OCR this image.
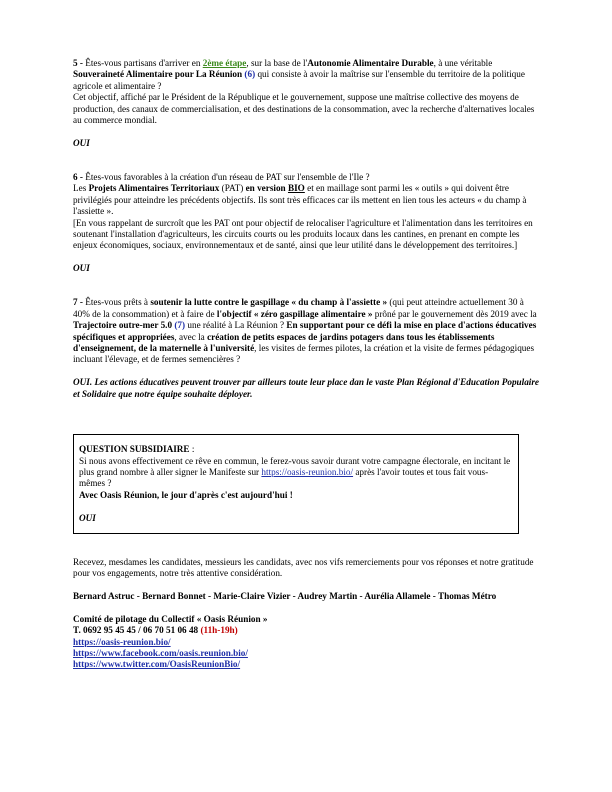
5 - Êtes-vous partisans d'arriver en 2ème étape, sur la base de l'Autonomie Alimentaire Durable, à une véritable Souveraineté Alimentaire pour La Réunion (6) qui consiste à avoir la maîtrise sur l'ensemble du territoire de la politique agricole et alimentaire ?

Cet objectif, affiché par le Président de la République et le gouvernement, suppose une maîtrise collective des moyens de production, des canaux de commercialisation, et des destinations de la consommation, avec la recherche d'alternatives locales au commerce mondial.

OUI

6 - Êtes-vous favorables à la création d'un réseau de PAT sur l'ensemble de l'Ile ?

Les Projets Alimentaires Territoriaux (PAT) en version BIO et en maillage sont parmi les « outils » qui doivent être privilégiés pour atteindre les précédents objectifs. Ils sont très efficaces car ils mettent en lien tous les acteurs « du champ à l'assiette ».

[En vous rappelant de surcroît que les PAT ont pour objectif de relocaliser l'agriculture et l'alimentation dans les territoires en soutenant l'installation d'agriculteurs, les circuits courts ou les produits locaux dans les cantines, en prenant en compte les enjeux économiques, sociaux, environnementaux et de santé, ainsi que leur utilité dans le développement des territoires.]

OUI

7 - Êtes-vous prêts à soutenir la lutte contre le gaspillage « du champ à l'assiette » (qui peut atteindre actuellement 30 à 40% de la consommation) et à faire de l'objectif « zéro gaspillage alimentaire » prôné par le gouvernement dès 2019 avec la Trajectoire outre-mer 5.0 (7) une réalité à La Réunion ? En supportant pour ce défi la mise en place d'actions éducatives spécifiques et appropriées, avec la création de petits espaces de jardins potagers dans tous les établissements d'enseignement, de la maternelle à l'université, les visites de fermes pilotes, la création et la visite de fermes pédagogiques incluant l'élevage, et de fermes semencières ?

OUI. Les actions éducatives peuvent trouver par ailleurs toute leur place dan le vaste Plan Régional d'Education Populaire et Solidaire que notre équipe souhaite déployer.

QUESTION SUBSIDIAIRE :

Si nous avons effectivement ce rêve en commun, le ferez-vous savoir durant votre campagne électorale, en incitant le plus grand nombre à aller signer le Manifeste sur https://oasis-reunion.bio/ après l'avoir toutes et tous fait vous-mêmes ?

Avec Oasis Réunion, le jour d'après c'est aujourd'hui !

OUI

Recevez, mesdames les candidates, messieurs les candidats, avec nos vifs remerciements pour vos réponses et notre gratitude pour vos engagements, notre très attentive considération.

Bernard Astruc - Bernard Bonnet - Marie-Claire Vizier - Audrey Martin - Aurélia Allamele - Thomas Métro

Comité de pilotage du Collectif « Oasis Réunion »

T. 0692 95 45 45 / 06 70 51 06 48 (11h-19h)

https://oasis-reunion.bio/

https://www.facebook.com/oasis.reunion.bio/

https://www.twitter.com/OasisReunionBio/
